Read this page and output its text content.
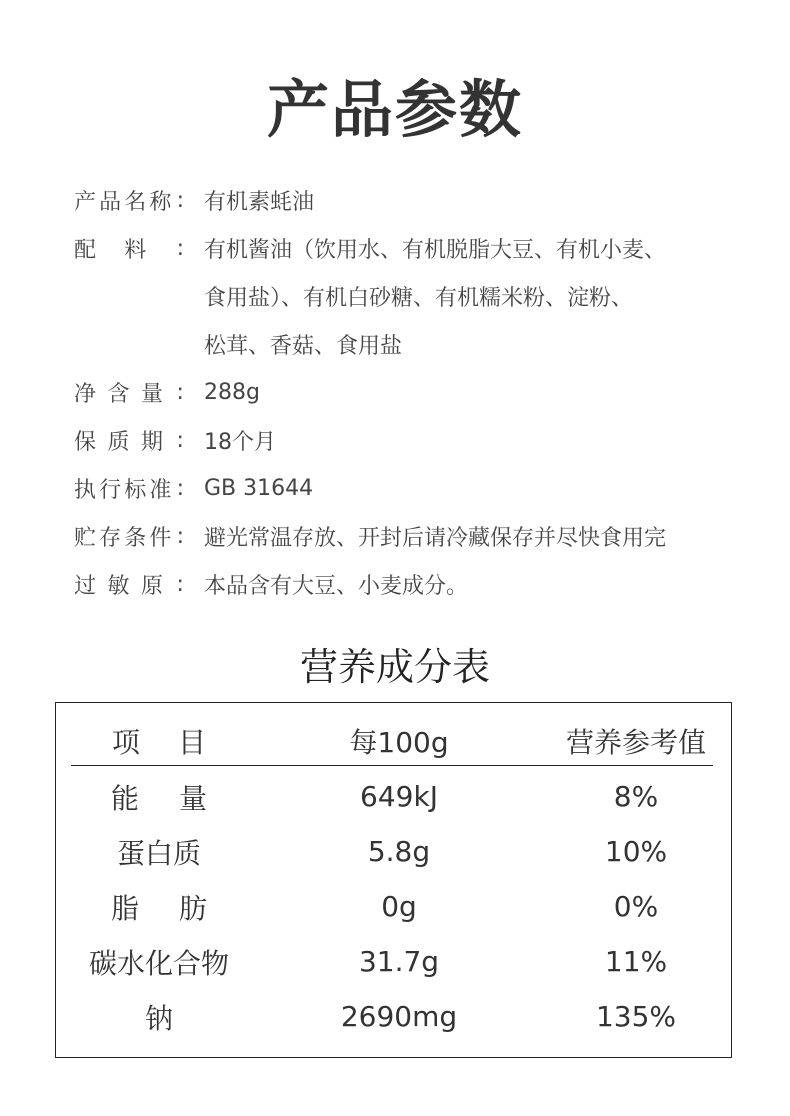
产品参数
产 品 名 称 : 有机素蚝油
配 料 : 有机酱油（饮用水、有机脱脂大豆、有机小麦、
食用盐）、有机白砂糖、有机糯米粉、淀粉、
松茸、香菇、食用盐
净 含 量 : 288g
保 质 期 : 18个月
执 行 标 准 : GB 31644
贮 存 条 件 : 避光常温存放、开封后请冷藏保存并尽快食用完
过 敏 原 : 本品含有大豆、小麦成分。
营养成分表
项 目	每100g	营养参考值
能 量	649kJ	8%
蛋白质	5.8g	10%
脂 肪	0g	0%
碳水化合物	31.7g	11%
钠	2690mg	135%
